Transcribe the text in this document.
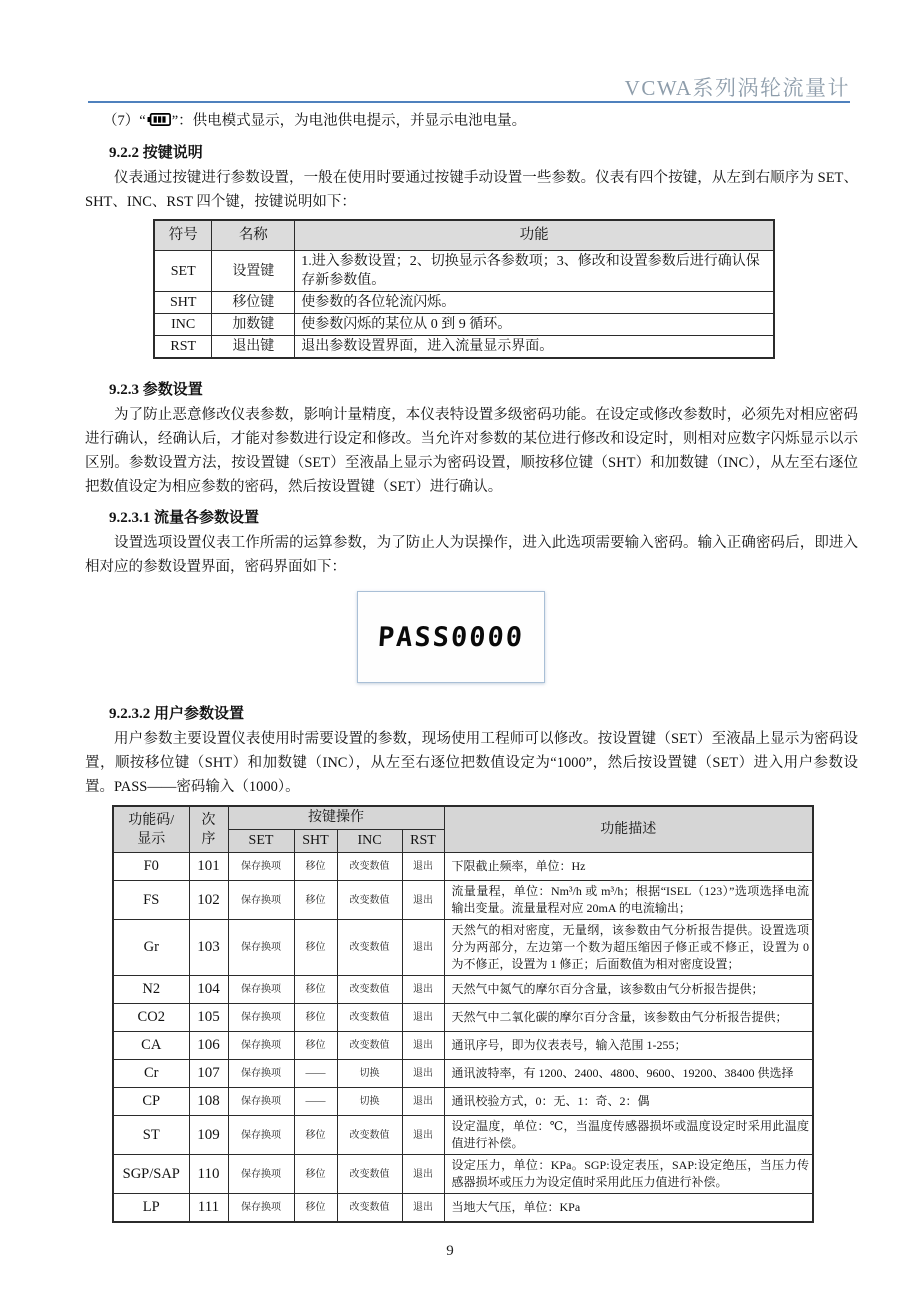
VCWA系列涡轮流量计

（7）“ ”：供电模式显示，为电池供电提示，并显示电池电量。

9.2.2 按键说明

仪表通过按键进行参数设置，一般在使用时要通过按键手动设置一些参数。仪表有四个按键，从左到右顺序为 SET、SHT、INC、RST 四个键，按键说明如下：

符号	名称	功能
SET	设置键	1.进入参数设置；2、切换显示各参数项；3、修改和设置参数后进行确认保存新参数值。
SHT	移位键	使参数的各位轮流闪烁。
INC	加数键	使参数闪烁的某位从 0 到 9 循环。
RST	退出键	退出参数设置界面，进入流量显示界面。
9.2.3 参数设置

为了防止恶意修改仪表参数，影响计量精度，本仪表特设置多级密码功能。在设定或修改参数时，必须先对相应密码进行确认，经确认后，才能对参数进行设定和修改。当允许对参数的某位进行修改和设定时，则相对应数字闪烁显示以示区别。参数设置方法，按设置键（SET）至液晶上显示为密码设置，顺按移位键（SHT）和加数键（INC），从左至右逐位把数值设定为相应参数的密码，然后按设置键（SET）进行确认。

9.2.3.1 流量各参数设置

设置选项设置仪表工作所需的运算参数，为了防止人为误操作，进入此选项需要输入密码。输入正确密码后，即进入相对应的参数设置界面，密码界面如下：

PASS
0000
9.2.3.2 用户参数设置

用户参数主要设置仪表使用时需要设置的参数，现场使用工程师可以修改。按设置键（SET）至液晶上显示为密码设置，顺按移位键（SHT）和加数键（INC），从左至右逐位把数值设定为“1000”，然后按设置键（SET）进入用户参数设置。PASS——密码输入（1000）。

功能码/
显示

次
序
	按键操作	功能描述
		SET	SHT	INC	RST	
F0	101	保存换项	移位	改变数值	退出	下限截止频率，单位：Hz
FS	102	保存换项	移位	改变数值	退出	流量量程，单位：Nm³/h 或 m³/h；根据“ISEL（123）”选项选择电流输出变量。流量量程对应 20mA 的电流输出；
Gr	103	保存换项	移位	改变数值	退出	天然气的相对密度，无量纲，该参数由气分析报告提供。设置选项分为两部分，左边第一个数为超压缩因子修正或不修正，设置为 0 为不修正，设置为 1 修正；后面数值为相对密度设置；
N2	104	保存换项	移位	改变数值	退出	天然气中氮气的摩尔百分含量，该参数由气分析报告提供；
CO2	105	保存换项	移位	改变数值	退出	天然气中二氧化碳的摩尔百分含量，该参数由气分析报告提供；
CA	106	保存换项	移位	改变数值	退出	通讯序号，即为仪表表号，输入范围 1-255；
Cr	107	保存换项	——	切换	退出	通讯波特率，有 1200、2400、4800、9600、19200、38400 供选择
CP	108	保存换项	——	切换	退出	通讯校验方式，0：无、1：奇、2：偶
ST	109	保存换项	移位	改变数值	退出	设定温度，单位：℃，当温度传感器损坏或温度设定时采用此温度值进行补偿。
SGP/SAP	110	保存换项	移位	改变数值	退出	设定压力，单位：KPa。SGP:设定表压，SAP:设定绝压，当压力传感器损坏或压力为设定值时采用此压力值进行补偿。
LP	111	保存换项	移位	改变数值	退出	当地大气压，单位：KPa
9
